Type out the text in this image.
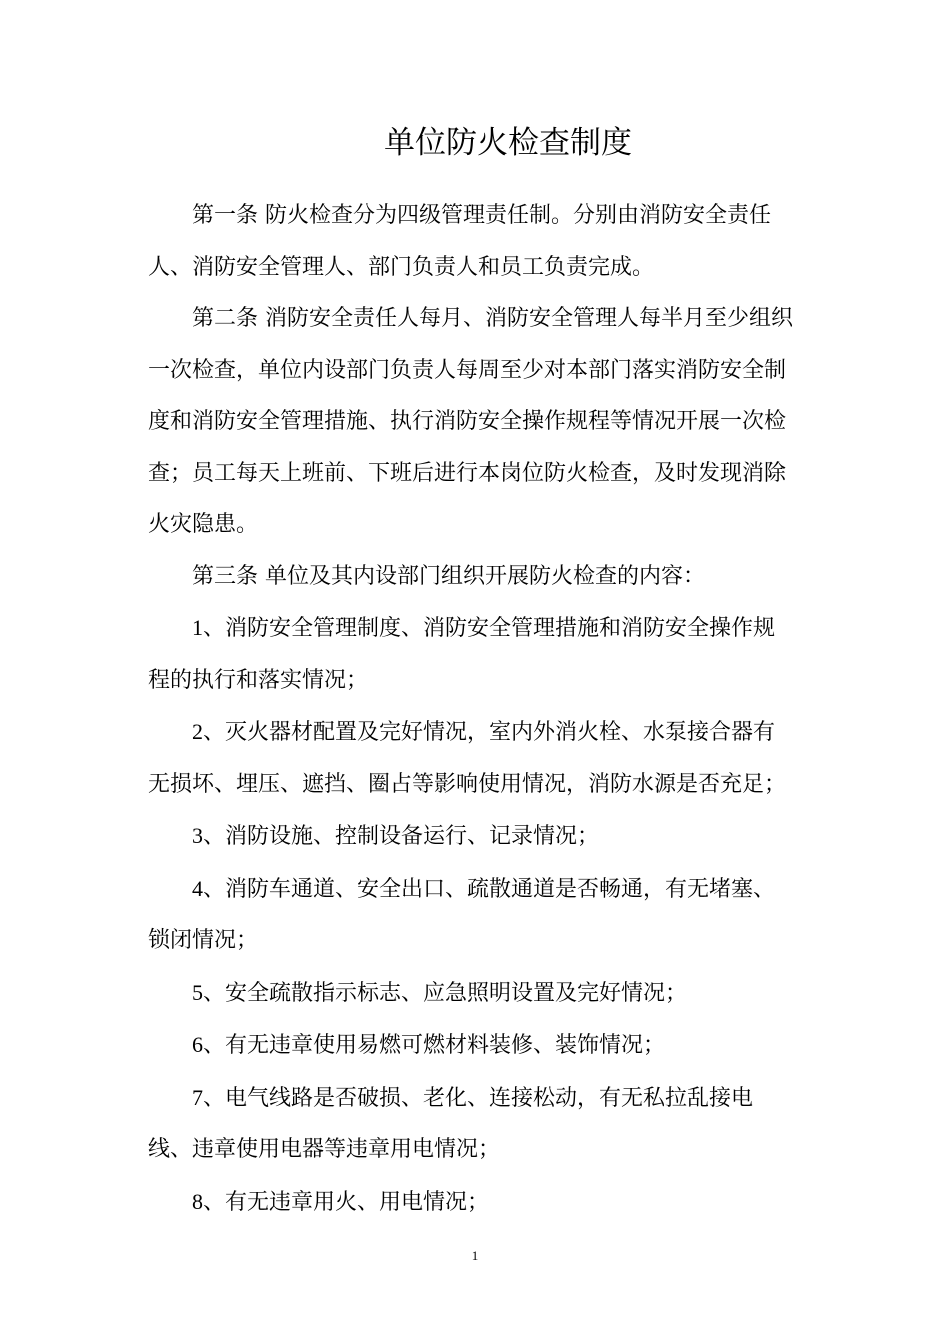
单位防火检查制度

第一条 防火检查分为四级管理责任制。分别由消防安全责任
人、消防安全管理人、部门负责人和员工负责完成。

第二条 消防安全责任人每月、消防安全管理人每半月至少组织
一次检查，单位内设部门负责人每周至少对本部门落实消防安全制
度和消防安全管理措施、执行消防安全操作规程等情况开展一次检
查；员工每天上班前、下班后进行本岗位防火检查，及时发现消除
火灾隐患。

第三条 单位及其内设部门组织开展防火检查的内容：

1、消防安全管理制度、消防安全管理措施和消防安全操作规
程的执行和落实情况；

2、灭火器材配置及完好情况，室内外消火栓、水泵接合器有
无损坏、埋压、遮挡、圈占等影响使用情况，消防水源是否充足；

3、消防设施、控制设备运行、记录情况；

4、消防车通道、安全出口、疏散通道是否畅通，有无堵塞、
锁闭情况；

5、安全疏散指示标志、应急照明设置及完好情况；

6、有无违章使用易燃可燃材料装修、装饰情况；

7、电气线路是否破损、老化、连接松动，有无私拉乱接电
线、违章使用电器等违章用电情况；

8、有无违章用火、用电情况；

1
